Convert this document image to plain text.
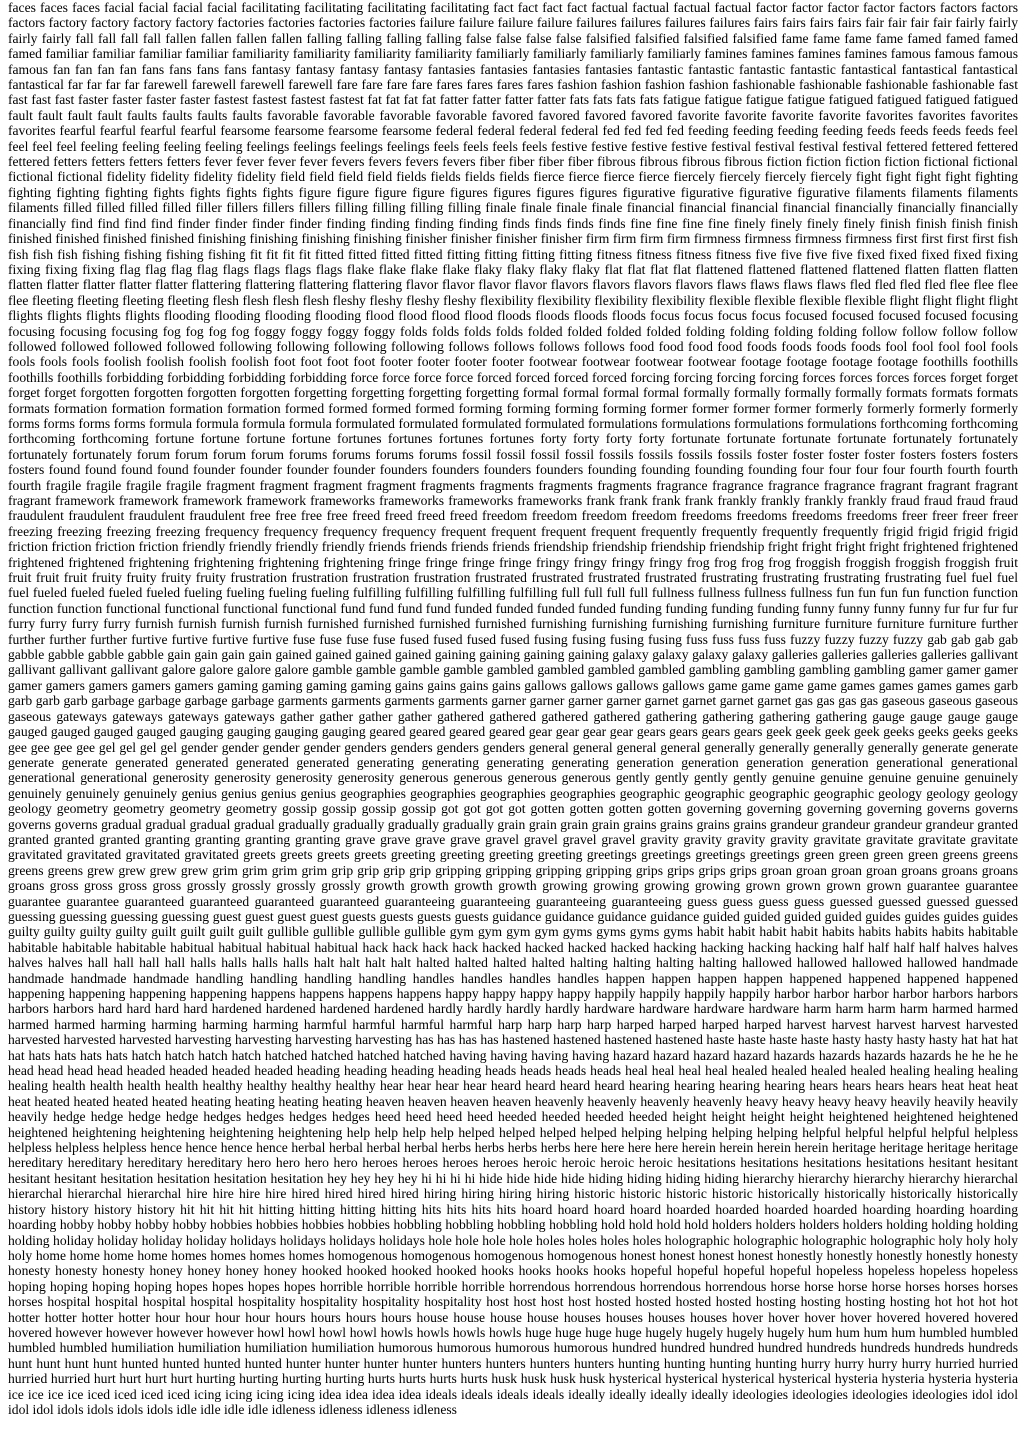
faces faces faces facial facial facial facial facilitating facilitating facilitating facilitating fact fact fact fact factual factual factual factual factor factor factor factor factors factors factors factors factory factory factory factory factories factories factories factories failure failure failure failure failures failures failures failures fairs fairs fairs fairs fair fair fair fair fairly fairly fairly fairly fall fall fall fall fallen fallen fallen fallen falling falling falling falling false false false false falsified falsified falsified falsified fame fame fame fame famed famed famed famed familiar familiar familiar familiar familiarity familiarity familiarity familiarity familiarly familiarly familiarly familiarly famines famines famines famines famous famous famous famous fan fan fan fan fans fans fans fans fantasy fantasy fantasy fantasy fantasies fantasies fantasies fantasies fantastic fantastic fantastic fantastic fantastical fantastical fantastical fantastical far far far far farewell farewell farewell farewell fare fare fare fare fares fares fares fares fashion fashion fashion fashion fashionable fashionable fashionable fashionable fast fast fast fast faster faster faster faster fastest fastest fastest fastest fat fat fat fat fatter fatter fatter fatter fats fats fats fats fatigue fatigue fatigue fatigue fatigued fatigued fatigued fatigued fault fault fault fault faults faults faults faults favorable favorable favorable favorable favored favored favored favored favorite favorite favorite favorite favorites favorites favorites favorites fearful fearful fearful fearful fearsome fearsome fearsome fearsome federal federal federal federal fed fed fed fed feeding feeding feeding feeding feeds feeds feeds feeds feel feel feel feel feeling feeling feeling feeling feelings feelings feelings feelings feels feels feels feels festive festive festive festive festival festival festival festival fettered fettered fettered fettered fetters fetters fetters fetters fever fever fever fever fevers fevers fevers fevers fiber fiber fiber fiber fibrous fibrous fibrous fibrous fiction fiction fiction fiction fictional fictional fictional fictional fidelity fidelity fidelity fidelity field field field field fields fields fields fields fierce fierce fierce fierce fiercely fiercely fiercely fiercely fight fight fight fight fighting fighting fighting fighting fights fights fights fights figure figure figure figure figures figures figures figures figurative figurative figurative figurative filaments filaments filaments filaments filled filled filled filled filler fillers fillers fillers filling filling filling filling finale finale finale finale financial financial financial financial financially financially financially financially find find find find finder finder finder finder finding finding finding finding finds finds finds finds fine fine fine fine finely finely finely finely finish finish finish finish finished finished finished finished finishing finishing finishing finishing finisher finisher finisher finisher firm firm firm firm firmness firmness firmness firmness first first first first fish fish fish fish fishing fishing fishing fishing fit fit fit fit fitted fitted fitted fitted fitting fitting fitting fitting fitness fitness fitness fitness five five five five fixed fixed fixed fixed fixing fixing fixing fixing flag flag flag flag flags flags flags flags flake flake flake flake flaky flaky flaky flaky flat flat flat flat flattened flattened flattened flattened flatten flatten flatten flatten flatter flatter flatter flatter flattering flattering flattering flattering flavor flavor flavor flavor flavors flavors flavors flavors flaws flaws flaws flaws fled fled fled fled flee flee flee flee fleeting fleeting fleeting fleeting flesh flesh flesh flesh fleshy fleshy fleshy fleshy flexibility flexibility flexibility flexibility flexible flexible flexible flexible flight flight flight flight flights flights flights flights flooding flooding flooding flooding flood flood flood flood floods floods floods floods focus focus focus focus focused focused focused focused focusing focusing focusing focusing fog fog fog fog foggy foggy foggy foggy folds folds folds folds folded folded folded folded folding folding folding folding follow follow follow follow followed followed followed followed following following following following follows follows follows follows food food food food foods foods foods foods fool fool fool fool fools fools fools fools foolish foolish foolish foolish foot foot foot foot footer footer footer footer footwear footwear footwear footwear footage footage footage footage foothills foothills foothills foothills forbidding forbidding forbidding forbidding force force force force forced forced forced forced forcing forcing forcing forcing forces forces forces forces forget forget forget forget forgotten forgotten forgotten forgotten forgetting forgetting forgetting forgetting formal formal formal formal formally formally formally formally formats formats formats formats formation formation formation formation formed formed formed formed forming forming forming forming former former former former formerly formerly formerly formerly forms forms forms forms formula formula formula formula formulated formulated formulated formulated formulations formulations formulations formulations forthcoming forthcoming forthcoming forthcoming fortune fortune fortune fortune fortunes fortunes fortunes fortunes forty forty forty forty fortunate fortunate fortunate fortunate fortunately fortunately fortunately fortunately forum forum forum forum forums forums forums forums fossil fossil fossil fossil fossils fossils fossils fossils foster foster foster foster fosters fosters fosters fosters found found found found founder founder founder founder founders founders founders founders founding founding founding founding four four four four fourth fourth fourth fourth fragile fragile fragile fragile fragment fragment fragment fragment fragments fragments fragments fragments fragrance fragrance fragrance fragrance fragrant fragrant fragrant fragrant framework framework framework framework frameworks frameworks frameworks frameworks frank frank frank frank frankly frankly frankly frankly fraud fraud fraud fraud fraudulent fraudulent fraudulent fraudulent free free free free freed freed freed freed freedom freedom freedom freedom freedoms freedoms freedoms freedoms freer freer freer freer freezing freezing freezing freezing frequency frequency frequency frequency frequent frequent frequent frequent frequently frequently frequently frequently frigid frigid frigid frigid friction friction friction friction friendly friendly friendly friendly friends friends friends friends friendship friendship friendship friendship fright fright fright fright frightened frightened frightened frightened frightening frightening frightening frightening fringe fringe fringe fringe fringy fringy fringy fringy frog frog frog frog froggish froggish froggish froggish fruit fruit fruit fruit fruity fruity fruity fruity frustration frustration frustration frustration frustrated frustrated frustrated frustrated frustrating frustrating frustrating frustrating fuel fuel fuel fuel fueled fueled fueled fueled fueling fueling fueling fueling fulfilling fulfilling fulfilling fulfilling full full full full fullness fullness fullness fullness fun fun fun fun function function function function functional functional functional functional fund fund fund fund funded funded funded funded funding funding funding funding funny funny funny funny fur fur fur fur furry furry furry furry furnish furnish furnish furnish furnished furnished furnished furnished furnishing furnishing furnishing furnishing furniture furniture furniture furniture further further further further furtive furtive furtive furtive fuse fuse fuse fuse fused fused fused fused fusing fusing fusing fusing fuss fuss fuss fuss fuzzy fuzzy fuzzy fuzzy gab gab gab gab gabble gabble gabble gabble gain gain gain gain gained gained gained gained gaining gaining gaining gaining galaxy galaxy galaxy galaxy galleries galleries galleries galleries gallivant gallivant gallivant gallivant galore galore galore galore gamble gamble gamble gamble gambled gambled gambled gambled gambling gambling gambling gambling gamer gamer gamer gamer gamers gamers gamers gamers gaming gaming gaming gaming gains gains gains gains gallows gallows gallows gallows game game game game games games games games garb garb garb garb garbage garbage garbage garbage garments garments garments garments garner garner garner garner garnet garnet garnet garnet gas gas gas gas gaseous gaseous gaseous gaseous gateways gateways gateways gateways gather gather gather gather gathered gathered gathered gathered gathering gathering gathering gathering gauge gauge gauge gauge gauged gauged gauged gauged gauging gauging gauging gauging geared geared geared geared gear gear gear gear gears gears gears gears geek geek geek geek geeks geeks geeks geeks gee gee gee gee gel gel gel gel gender gender gender gender genders genders genders genders general general general general generally generally generally generally generate generate generate generate generated generated generated generated generating generating generating generating generation generation generation generation generational generational generational generational generosity generosity generosity generosity generous generous generous generous gently gently gently gently genuine genuine genuine genuine genuinely genuinely genuinely genuinely genius genius genius genius geographies geographies geographies geographies geographic geographic geographic geographic geology geology geology geology geometry geometry geometry geometry gossip gossip gossip gossip got got got got gotten gotten gotten gotten governing governing governing governing governs governs governs governs gradual gradual gradual gradual gradually gradually gradually gradually grain grain grain grain grains grains grains grains grandeur grandeur grandeur grandeur granted granted granted granted granting granting granting granting grave grave grave grave gravel gravel gravel gravel gravity gravity gravity gravity gravitate gravitate gravitate gravitate gravitated gravitated gravitated gravitated greets greets greets greets greeting greeting greeting greeting greetings greetings greetings greetings green green green green greens greens greens greens grew grew grew grew grim grim grim grim grip grip grip grip gripping gripping gripping gripping grips grips grips grips groan groan groan groan groans groans groans groans gross gross gross gross grossly grossly grossly grossly growth growth growth growth growing growing growing growing grown grown grown grown guarantee guarantee guarantee guarantee guaranteed guaranteed guaranteed guaranteed guaranteeing guaranteeing guaranteeing guaranteeing guess guess guess guess guessed guessed guessed guessed guessing guessing guessing guessing guest guest guest guest guests guests guests guests guidance guidance guidance guidance guided guided guided guided guides guides guides guides guilty guilty guilty guilty guilt guilt guilt guilt gullible gullible gullible gullible gym gym gym gym gyms gyms gyms gyms habit habit habit habit habits habits habits habits habitable habitable habitable habitable habitual habitual habitual habitual hack hack hack hack hacked hacked hacked hacked hacking hacking hacking hacking half half half half halves halves halves halves hall hall hall hall halls halls halls halls halt halt halt halt halted halted halted halted halting halting halting halting hallowed hallowed hallowed hallowed handmade handmade handmade handmade handling handling handling handling handles handles handles handles happen happen happen happen happened happened happened happened happening happening happening happening happens happens happens happens happy happy happy happy happily happily happily happily harbor harbor harbor harbor harbors harbors harbors harbors hard hard hard hard hardened hardened hardened hardened hardly hardly hardly hardly hardware hardware hardware hardware harm harm harm harm harmed harmed harmed harmed harming harming harming harming harmful harmful harmful harmful harp harp harp harp harped harped harped harped harvest harvest harvest harvest harvested harvested harvested harvested harvesting harvesting harvesting harvesting has has has has hastened hastened hastened hastened haste haste haste haste hasty hasty hasty hasty hat hat hat hat hats hats hats hats hatch hatch hatch hatch hatched hatched hatched hatched having having having having hazard hazard hazard hazard hazards hazards hazards hazards he he he he head head head head headed headed headed headed heading heading heading heading heads heads heads heads heal heal heal heal healed healed healed healed healing healing healing healing health health health health healthy healthy healthy healthy hear hear hear hear heard heard heard heard hearing hearing hearing hearing hears hears hears hears heat heat heat heat heated heated heated heated heating heating heating heating heaven heaven heaven heaven heavenly heavenly heavenly heavenly heavy heavy heavy heavy heavily heavily heavily heavily hedge hedge hedge hedge hedges hedges hedges hedges heed heed heed heed heeded heeded heeded heeded height height height height heightened heightened heightened heightened heightening heightening heightening heightening help help help help helped helped helped helped helping helping helping helping helpful helpful helpful helpful helpless helpless helpless helpless hence hence hence hence herbal herbal herbal herbal herbs herbs herbs herbs here here here here herein herein herein herein heritage heritage heritage heritage hereditary hereditary hereditary hereditary hero hero hero hero heroes heroes heroes heroes heroic heroic heroic heroic hesitations hesitations hesitations hesitations hesitant hesitant hesitant hesitant hesitation hesitation hesitation hesitation hey hey hey hey hi hi hi hi hide hide hide hide hiding hiding hiding hiding hierarchy hierarchy hierarchy hierarchy hierarchal hierarchal hierarchal hierarchal hire hire hire hire hired hired hired hired hiring hiring hiring hiring historic historic historic historic historically historically historically historically history history history history hit hit hit hit hitting hitting hitting hitting hits hits hits hits hoard hoard hoard hoard hoarded hoarded hoarded hoarded hoarding hoarding hoarding hoarding hobby hobby hobby hobby hobbies hobbies hobbies hobbies hobbling hobbling hobbling hobbling hold hold hold hold holders holders holders holders holding holding holding holding holiday holiday holiday holiday holidays holidays holidays holidays hole hole hole hole holes holes holes holes holographic holographic holographic holographic holy holy holy holy home home home home homes homes homes homes homogenous homogenous homogenous homogenous honest honest honest honest honestly honestly honestly honestly honesty honesty honesty honesty honey honey honey honey hooked hooked hooked hooked hooks hooks hooks hooks hopeful hopeful hopeful hopeful hopeless hopeless hopeless hopeless hoping hoping hoping hoping hopes hopes hopes hopes horrible horrible horrible horrible horrendous horrendous horrendous horrendous horse horse horse horse horses horses horses horses hospital hospital hospital hospital hospitality hospitality hospitality hospitality host host host host hosted hosted hosted hosted hosting hosting hosting hosting hot hot hot hot hotter hotter hotter hotter hour hour hour hour hours hours hours hours house house house house houses houses houses houses hover hover hover hover hovered hovered hovered hovered however however however however howl howl howl howl howls howls howls howls huge huge huge huge hugely hugely hugely hugely hum hum hum hum humbled humbled humbled humbled humiliation humiliation humiliation humiliation humorous humorous humorous humorous hundred hundred hundred hundred hundreds hundreds hundreds hundreds hunt hunt hunt hunt hunted hunted hunted hunted hunter hunter hunter hunter hunters hunters hunters hunters hunting hunting hunting hunting hurry hurry hurry hurry hurried hurried hurried hurried hurt hurt hurt hurt hurting hurting hurting hurting hurts hurts hurts hurts husk husk husk husk hysterical hysterical hysterical hysterical hysteria hysteria hysteria hysteria ice ice ice ice iced iced iced iced icing icing icing icing idea idea idea idea ideals ideals ideals ideals ideally ideally ideally ideally ideologies ideologies ideologies ideologies idol idol idol idol idols idols idols idols idle idle idle idle idleness idleness idleness idleness
